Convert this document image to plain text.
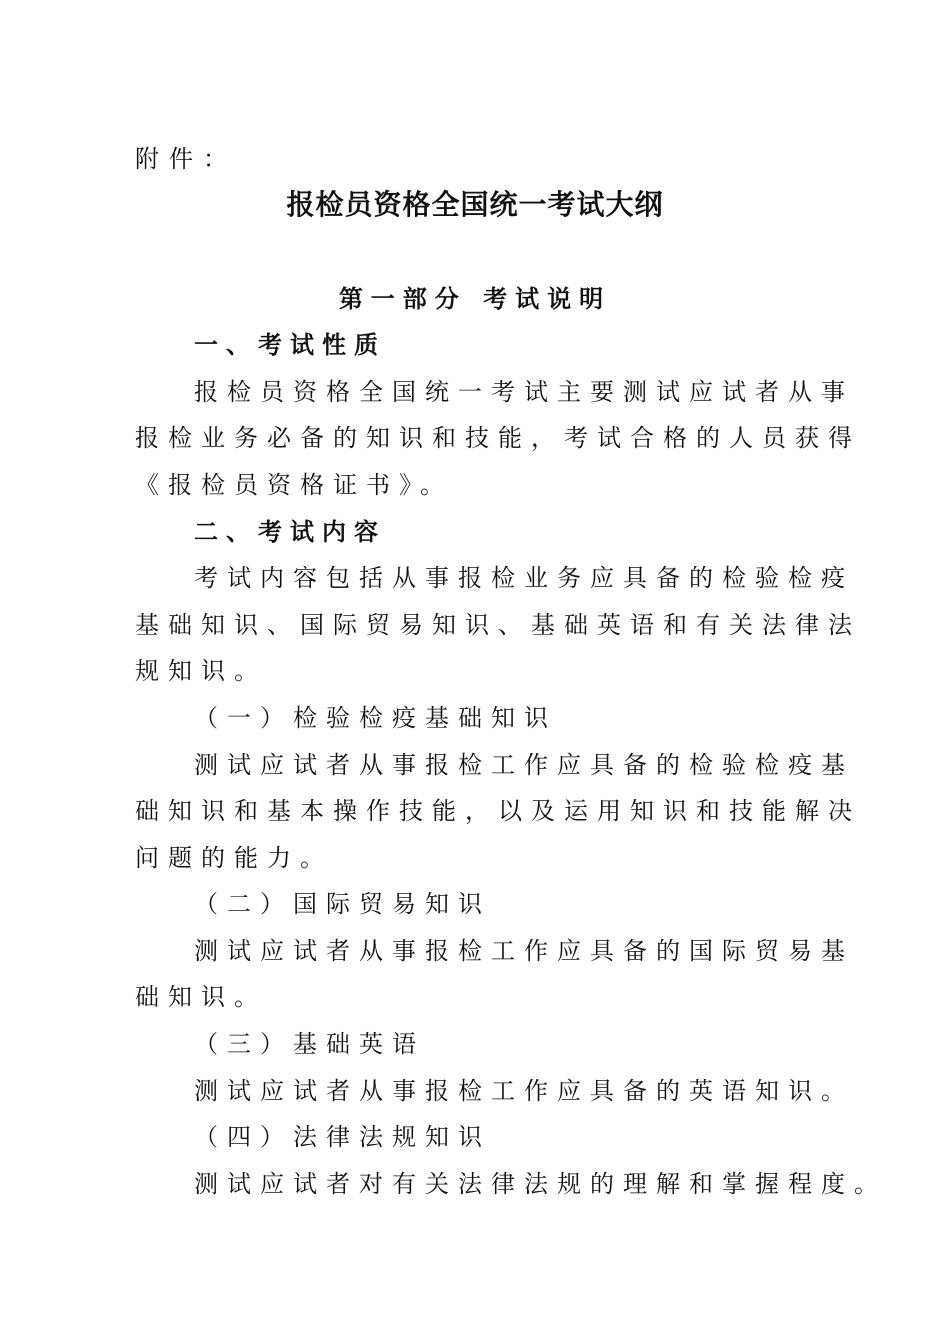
附件：
报检员资格全国统一考试大纲
第一部分 考试说明
一、考试性质
报检员资格全国统一考试主要测试应试者从事
报检业务必备的知识和技能，考试合格的人员获得
《报检员资格证书》。
二、考试内容
考试内容包括从事报检业务应具备的检验检疫
基础知识、国际贸易知识、基础英语和有关法律法
规知识。
（一）检验检疫基础知识
测试应试者从事报检工作应具备的检验检疫基
础知识和基本操作技能，以及运用知识和技能解决
问题的能力。
（二）国际贸易知识
测试应试者从事报检工作应具备的国际贸易基
础知识。
（三）基础英语
测试应试者从事报检工作应具备的英语知识。
（四）法律法规知识
测试应试者对有关法律法规的理解和掌握程度。
